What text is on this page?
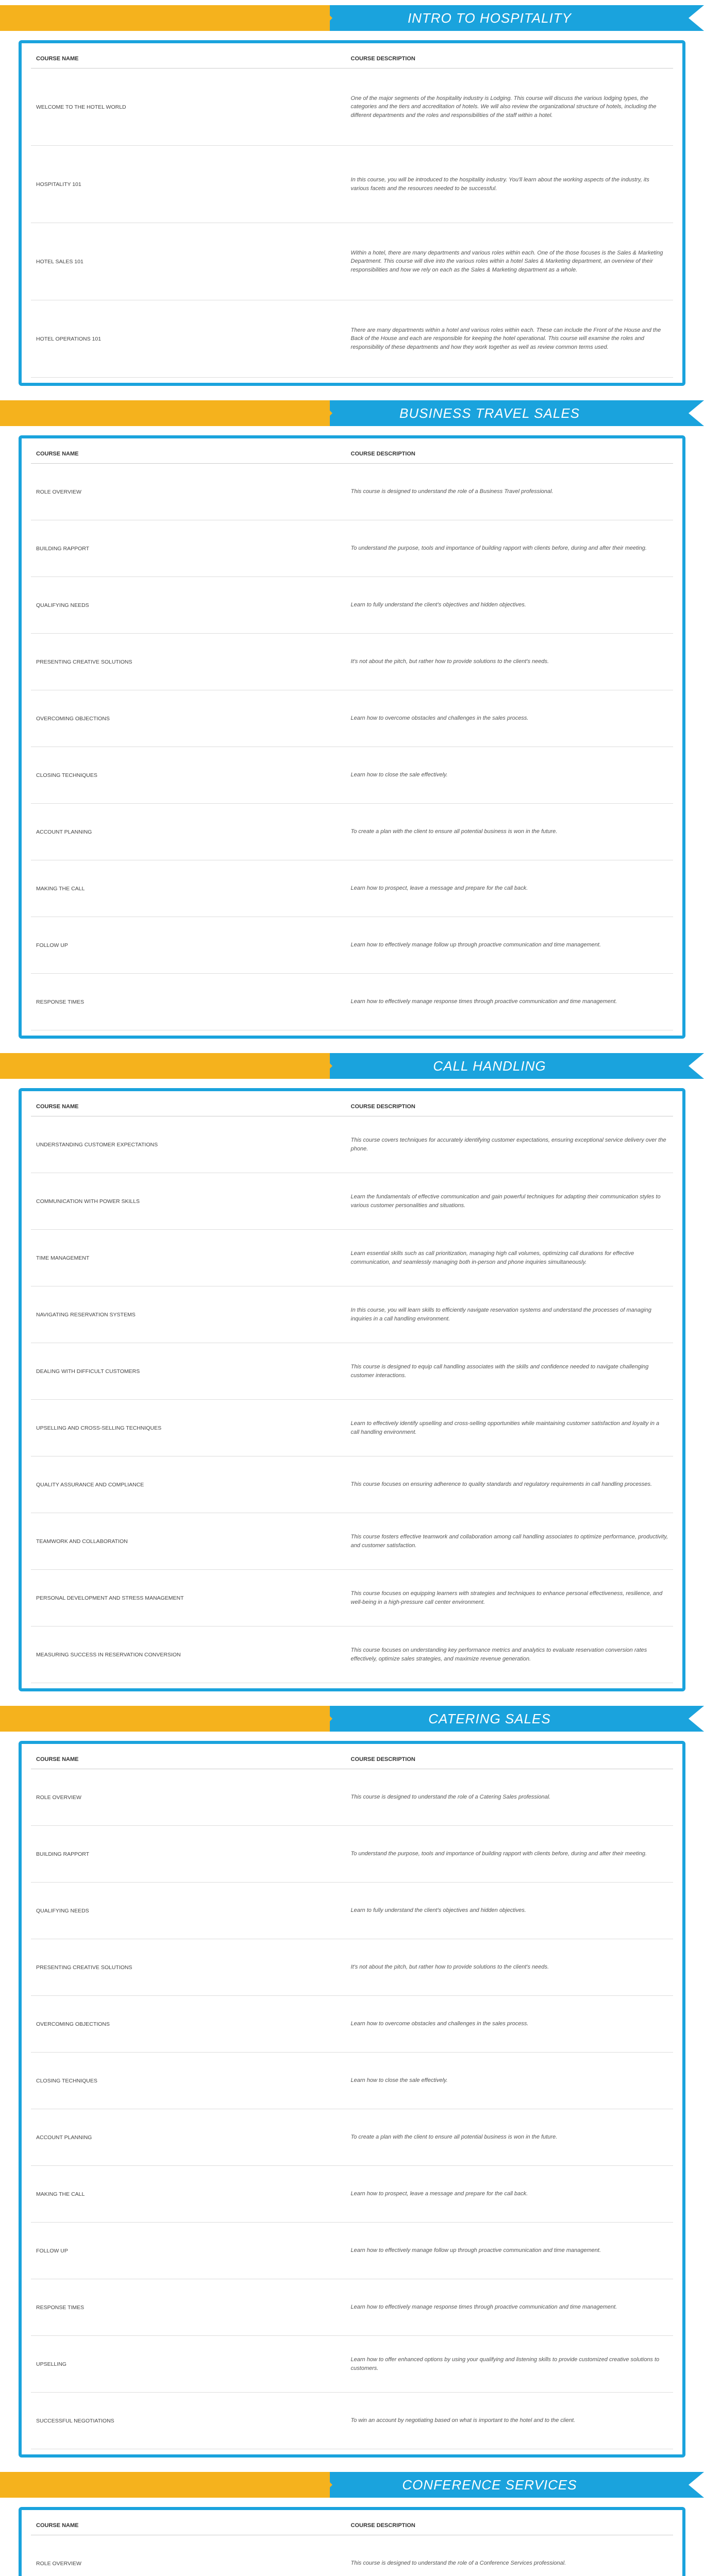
INTRO TO HOSPITALITY
COURSE NAME	COURSE DESCRIPTION
WELCOME TO THE HOTEL WORLD	One of the major segments of the hospitality industry is Lodging. This course will discuss the various lodging types, the categories and the tiers and accreditation of hotels. We will also review the organizational structure of hotels, including the different departments and the roles and responsibilities of the staff within a hotel.
HOSPITALITY 101	In this course, you will be introduced to the hospitality industry. You'll learn about the working aspects of the industry, its various facets and the resources needed to be successful.
HOTEL SALES 101	Within a hotel, there are many departments and various roles within each. One of the those focuses is the Sales & Marketing Department. This course will dive into the various roles within a hotel Sales & Marketing department, an overview of their responsibilities and how we rely on each as the Sales & Marketing department as a whole.
HOTEL OPERATIONS 101	There are many departments within a hotel and various roles within each. These can include the Front of the House and the Back of the House and each are responsible for keeping the hotel operational. This course will examine the roles and responsibility of these departments and how they work together as well as review common terms used.
BUSINESS TRAVEL SALES
COURSE NAME	COURSE DESCRIPTION
ROLE OVERVIEW	This course is designed to understand the role of a Business Travel professional.
BUILDING RAPPORT	To understand the purpose, tools and importance of building rapport with clients before, during and after their meeting.
QUALIFYING NEEDS	Learn to fully understand the client's objectives and hidden objectives.
PRESENTING CREATIVE SOLUTIONS	It's not about the pitch, but rather how to provide solutions to the client's needs.
OVERCOMING OBJECTIONS	Learn how to overcome obstacles and challenges in the sales process.
CLOSING TECHNIQUES	Learn how to close the sale effectively.
ACCOUNT PLANNING	To create a plan with the client to ensure all potential business is won in the future.
MAKING THE CALL	Learn how to prospect, leave a message and prepare for the call back.
FOLLOW UP	Learn how to effectively manage follow up through proactive communication and time management.
RESPONSE TIMES	Learn how to effectively manage response times through proactive communication and time management.
CALL HANDLING
COURSE NAME	COURSE DESCRIPTION
UNDERSTANDING CUSTOMER EXPECTATIONS	This course covers techniques for accurately identifying customer expectations, ensuring exceptional service delivery over the phone.
COMMUNICATION WITH POWER SKILLS	Learn the fundamentals of effective communication and gain powerful techniques for adapting their communication styles to various customer personalities and situations.
TIME MANAGEMENT	Learn essential skills such as call prioritization, managing high call volumes, optimizing call durations for effective communication, and seamlessly managing both in-person and phone inquiries simultaneously.
NAVIGATING RESERVATION SYSTEMS	In this course, you will learn skills to efficiently navigate reservation systems and understand the processes of managing inquiries in a call handling environment.
DEALING WITH DIFFICULT CUSTOMERS	This course is designed to equip call handling associates with the skills and confidence needed to navigate challenging customer interactions.
UPSELLING AND CROSS-SELLING TECHNIQUES	Learn to effectively identify upselling and cross-selling opportunities while maintaining customer satisfaction and loyalty in a call handling environment.
QUALITY ASSURANCE AND COMPLIANCE	This course focuses on ensuring adherence to quality standards and regulatory requirements in call handling processes.
TEAMWORK AND COLLABORATION	This course fosters effective teamwork and collaboration among call handling associates to optimize performance, productivity, and customer satisfaction.
PERSONAL DEVELOPMENT AND STRESS MANAGEMENT	This course focuses on equipping learners with strategies and techniques to enhance personal effectiveness, resilience, and well-being in a high-pressure call center environment.
MEASURING SUCCESS IN RESERVATION CONVERSION	This course focuses on understanding key performance metrics and analytics to evaluate reservation conversion rates effectively, optimize sales strategies, and maximize revenue generation.
CATERING SALES
COURSE NAME	COURSE DESCRIPTION
ROLE OVERVIEW	This course is designed to understand the role of a Catering Sales professional.
BUILDING RAPPORT	To understand the purpose, tools and importance of building rapport with clients before, during and after their meeting.
QUALIFYING NEEDS	Learn to fully understand the client's objectives and hidden objectives.
PRESENTING CREATIVE SOLUTIONS	It's not about the pitch, but rather how to provide solutions to the client's needs.
OVERCOMING OBJECTIONS	Learn how to overcome obstacles and challenges in the sales process.
CLOSING TECHNIQUES	Learn how to close the sale effectively.
ACCOUNT PLANNING	To create a plan with the client to ensure all potential business is won in the future.
MAKING THE CALL	Learn how to prospect, leave a message and prepare for the call back.
FOLLOW UP	Learn how to effectively manage follow up through proactive communication and time management.
RESPONSE TIMES	Learn how to effectively manage response times through proactive communication and time management.
UPSELLING	Learn how to offer enhanced options by using your qualifying and listening skills to provide customized creative solutions to customers.
SUCCESSFUL NEGOTIATIONS	To win an account by negotiating based on what is important to the hotel and to the client.
CONFERENCE SERVICES
COURSE NAME	COURSE DESCRIPTION
ROLE OVERVIEW	This course is designed to understand the role of a Conference Services professional.
